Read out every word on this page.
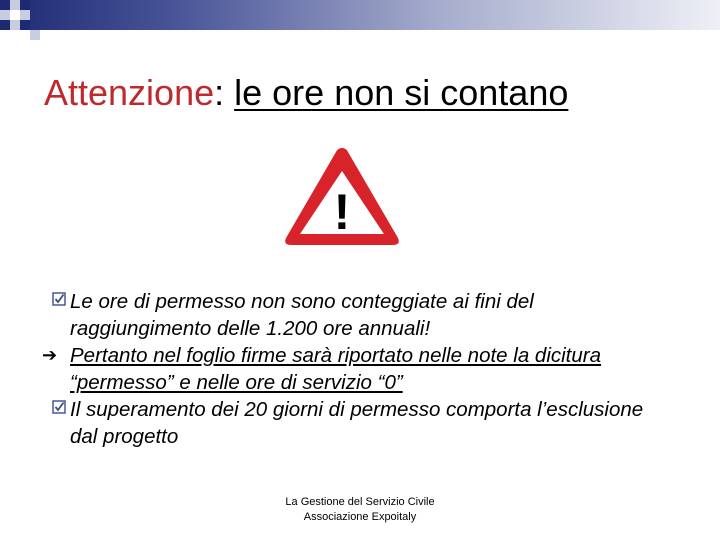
Attenzione: le ore non si contano
!
Le ore di permesso non sono conteggiate ai fini del raggiungimento delle 1.200 ore annuali!
➔ Pertanto nel foglio firme sarà riportato nelle note la dicitura “permesso” e nelle ore di servizio “0”
Il superamento dei 20 giorni di permesso comporta l’esclusione dal progetto
La Gestione del Servizio Civile
Associazione Expoitaly
